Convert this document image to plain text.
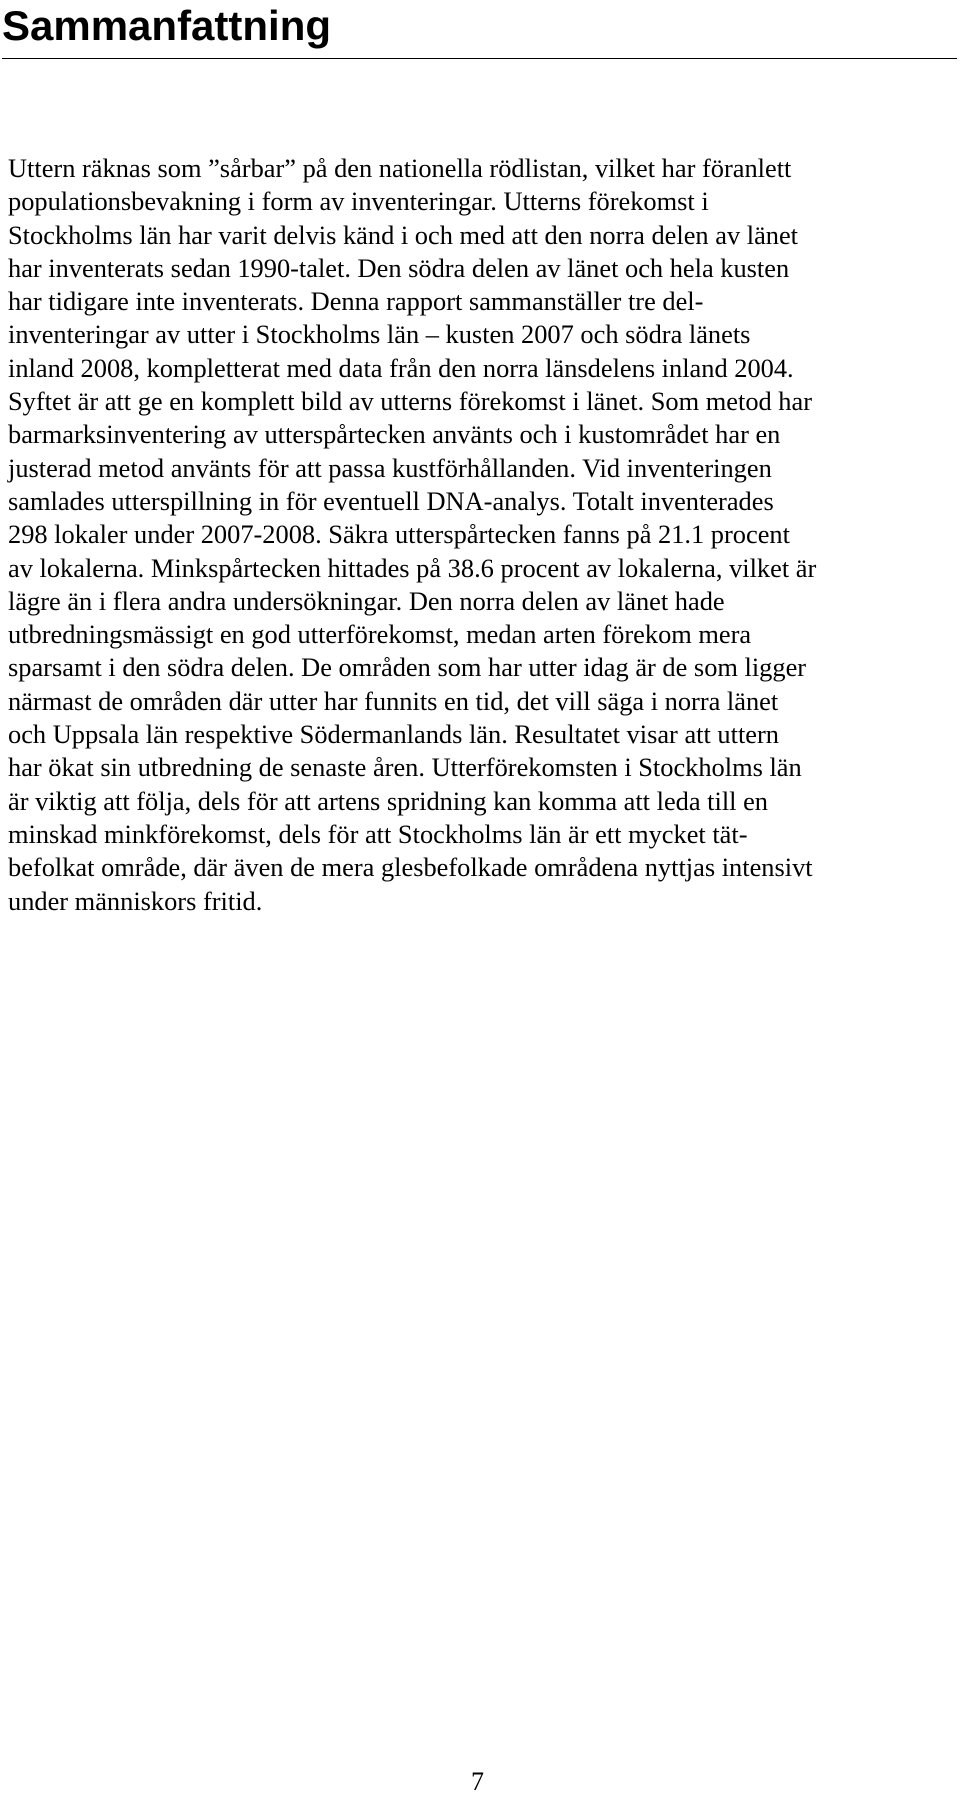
Sammanfattning
Uttern räknas som ”sårbar” på den nationella rödlistan, vilket har föranlett
populationsbevakning i form av inventeringar. Utterns förekomst i
Stockholms län har varit delvis känd i och med att den norra delen av länet
har inventerats sedan 1990-talet. Den södra delen av länet och hela kusten
har tidigare inte inventerats. Denna rapport sammanställer tre del-
inventeringar av utter i Stockholms län – kusten 2007 och södra länets
inland 2008, kompletterat med data från den norra länsdelens inland 2004.
Syftet är att ge en komplett bild av utterns förekomst i länet. Som metod har
barmarksinventering av utterspårtecken använts och i kustområdet har en
justerad metod använts för att passa kustförhållanden. Vid inventeringen
samlades utterspillning in för eventuell DNA-analys. Totalt inventerades
298 lokaler under 2007-2008. Säkra utterspårtecken fanns på 21.1 procent
av lokalerna. Minkspårtecken hittades på 38.6 procent av lokalerna, vilket är
lägre än i flera andra undersökningar. Den norra delen av länet hade
utbredningsmässigt en god utterförekomst, medan arten förekom mera
sparsamt i den södra delen. De områden som har utter idag är de som ligger
närmast de områden där utter har funnits en tid, det vill säga i norra länet
och Uppsala län respektive Södermanlands län. Resultatet visar att uttern
har ökat sin utbredning de senaste åren. Utterförekomsten i Stockholms län
är viktig att följa, dels för att artens spridning kan komma att leda till en
minskad minkförekomst, dels för att Stockholms län är ett mycket tät-
befolkat område, där även de mera glesbefolkade områdena nyttjas intensivt
under människors fritid.
7
